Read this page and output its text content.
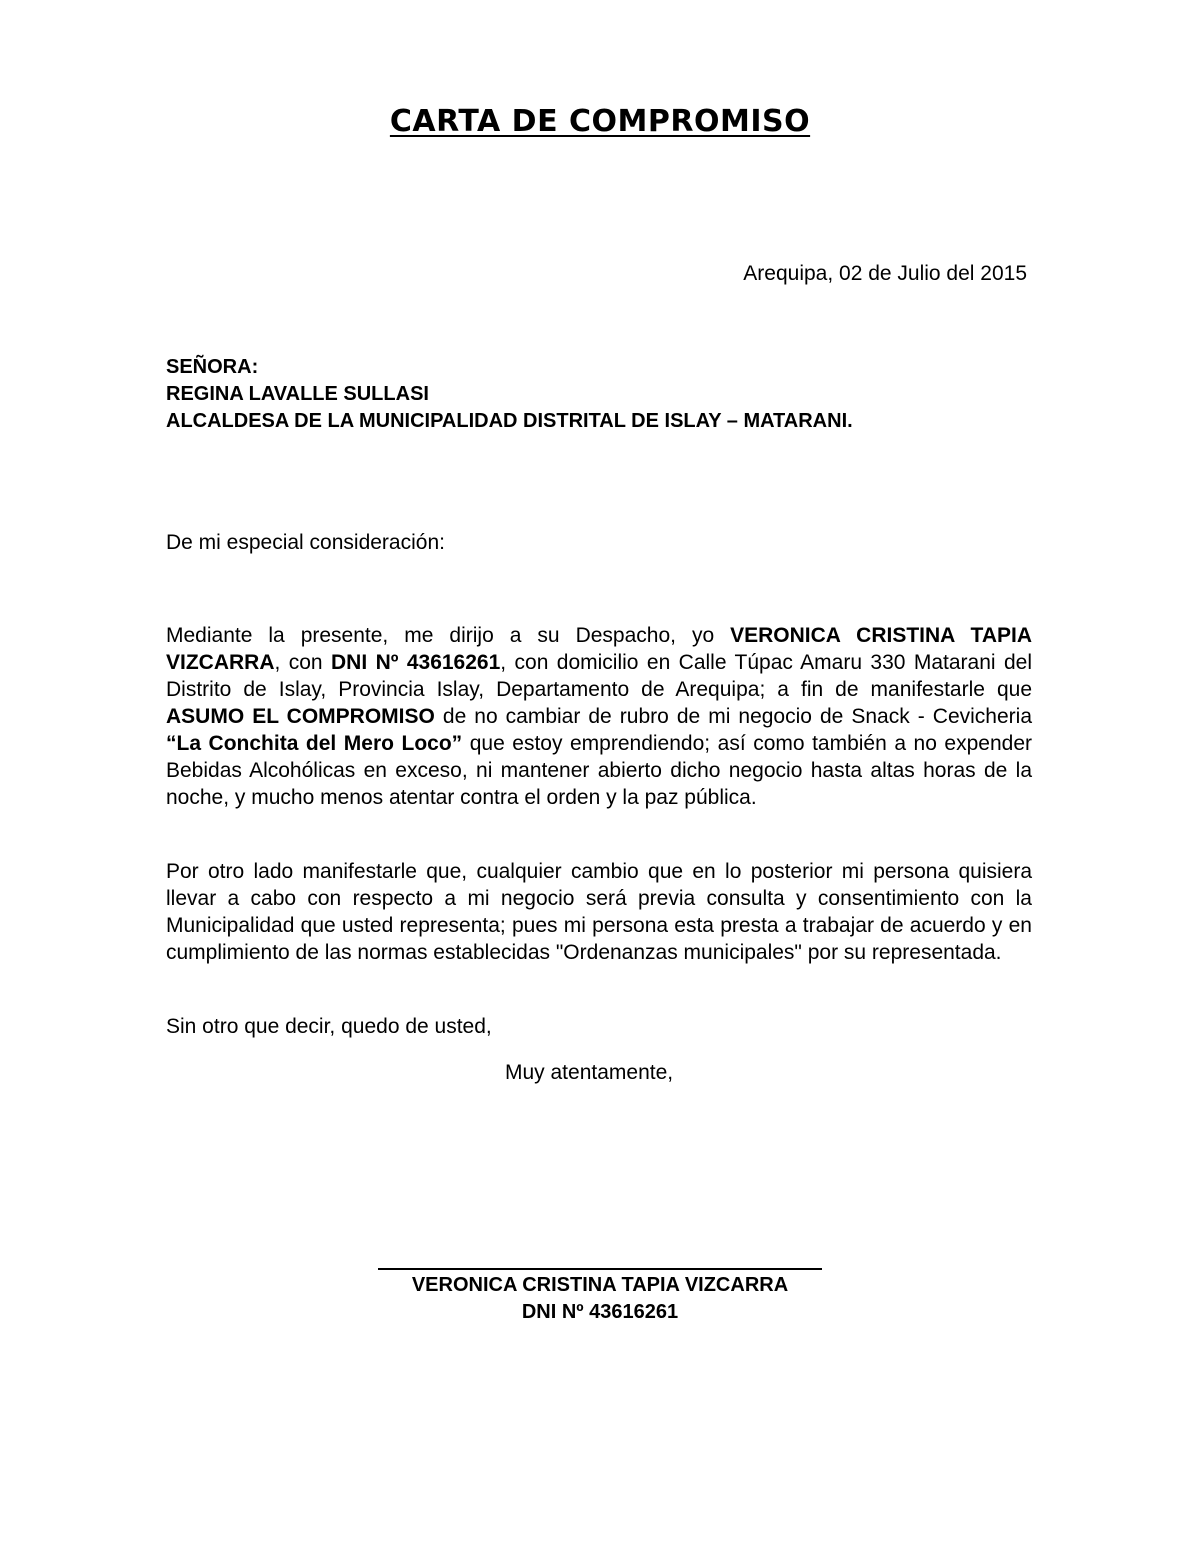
CARTA DE COMPROMISO

Arequipa, 02 de Julio del 2015

SEÑORA:
REGINA LAVALLE SULLASI
ALCALDESA DE LA MUNICIPALIDAD DISTRITAL DE ISLAY – MATARANI.

De mi especial consideración:

Mediante la presente, me dirijo a su Despacho, yo VERONICA CRISTINA TAPIA VIZCARRA, con DNI Nº 43616261, con domicilio en Calle Túpac Amaru 330 Matarani del Distrito de Islay, Provincia Islay, Departamento de Arequipa; a fin de manifestarle que ASUMO EL COMPROMISO de no cambiar de rubro de mi negocio de Snack - Cevicheria “La Conchita del Mero Loco” que estoy emprendiendo; así como también a no expender Bebidas Alcohólicas en exceso, ni mantener abierto dicho negocio hasta altas horas de la noche, y mucho menos atentar contra el orden y la paz pública.

Por otro lado manifestarle que, cualquier cambio que en lo posterior mi persona quisiera llevar a cabo con respecto a mi negocio será previa consulta y consentimiento con la Municipalidad que usted representa; pues mi persona esta presta a trabajar de acuerdo y en cumplimiento de las normas establecidas "Ordenanzas municipales" por su representada.

Sin otro que decir, quedo de usted,

Muy atentamente,

VERONICA CRISTINA TAPIA VIZCARRA

DNI Nº 43616261
